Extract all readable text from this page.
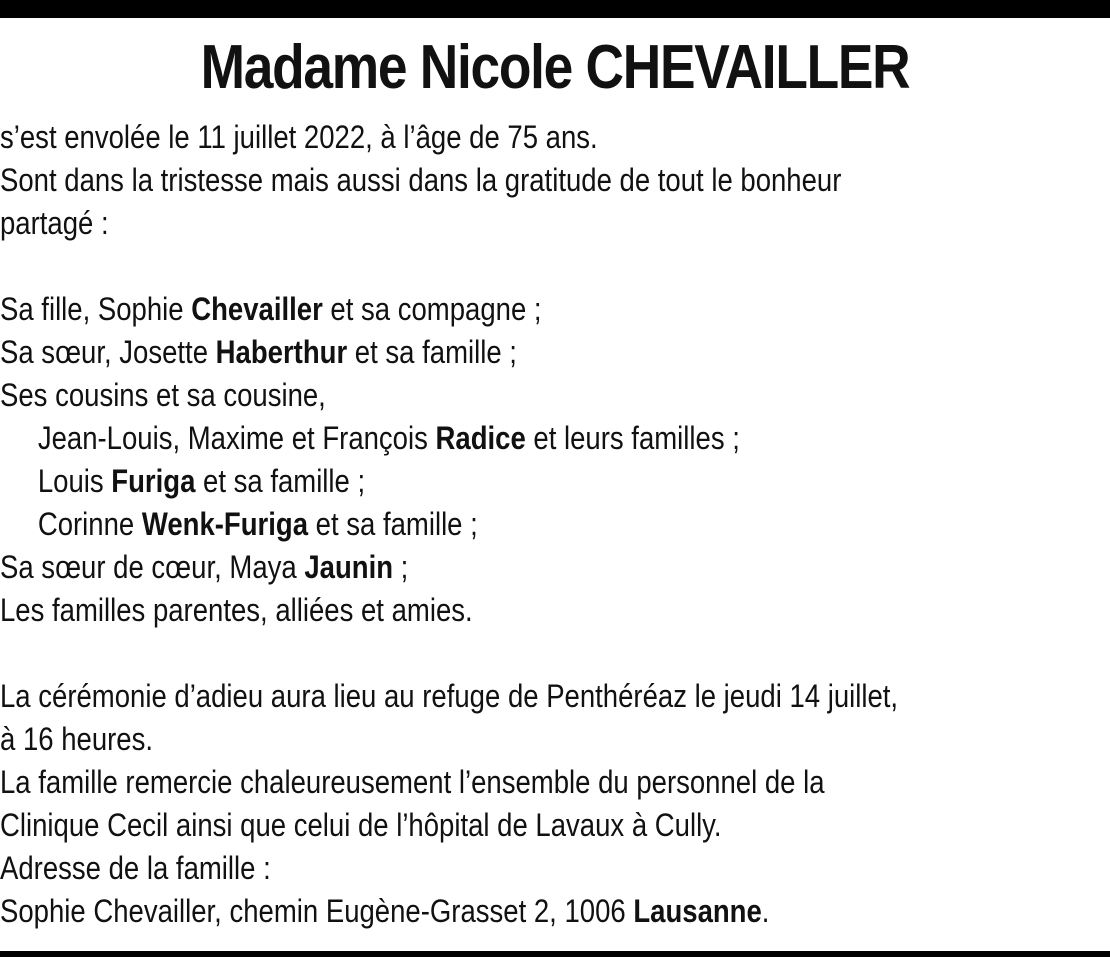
Madame Nicole CHEVAILLER
s’est envolée le 11 juillet 2022, à l’âge de 75 ans.
Sont dans la tristesse mais aussi dans la gratitude de tout le bonheur
partagé :
Sa fille, Sophie Chevailler et sa compagne ;
Sa sœur, Josette Haberthur et sa famille ;
Ses cousins et sa cousine,
Jean-Louis, Maxime et François Radice et leurs familles ;
Louis Furiga et sa famille ;
Corinne Wenk-Furiga et sa famille ;
Sa sœur de cœur, Maya Jaunin ;
Les familles parentes, alliées et amies.
La cérémonie d’adieu aura lieu au refuge de Penthéréaz le jeudi 14 juillet,
à 16 heures.
La famille remercie chaleureusement l’ensemble du personnel de la
Clinique Cecil ainsi que celui de l’hôpital de Lavaux à Cully.
Adresse de la famille :
Sophie Chevailler, chemin Eugène-Grasset 2, 1006 Lausanne.
